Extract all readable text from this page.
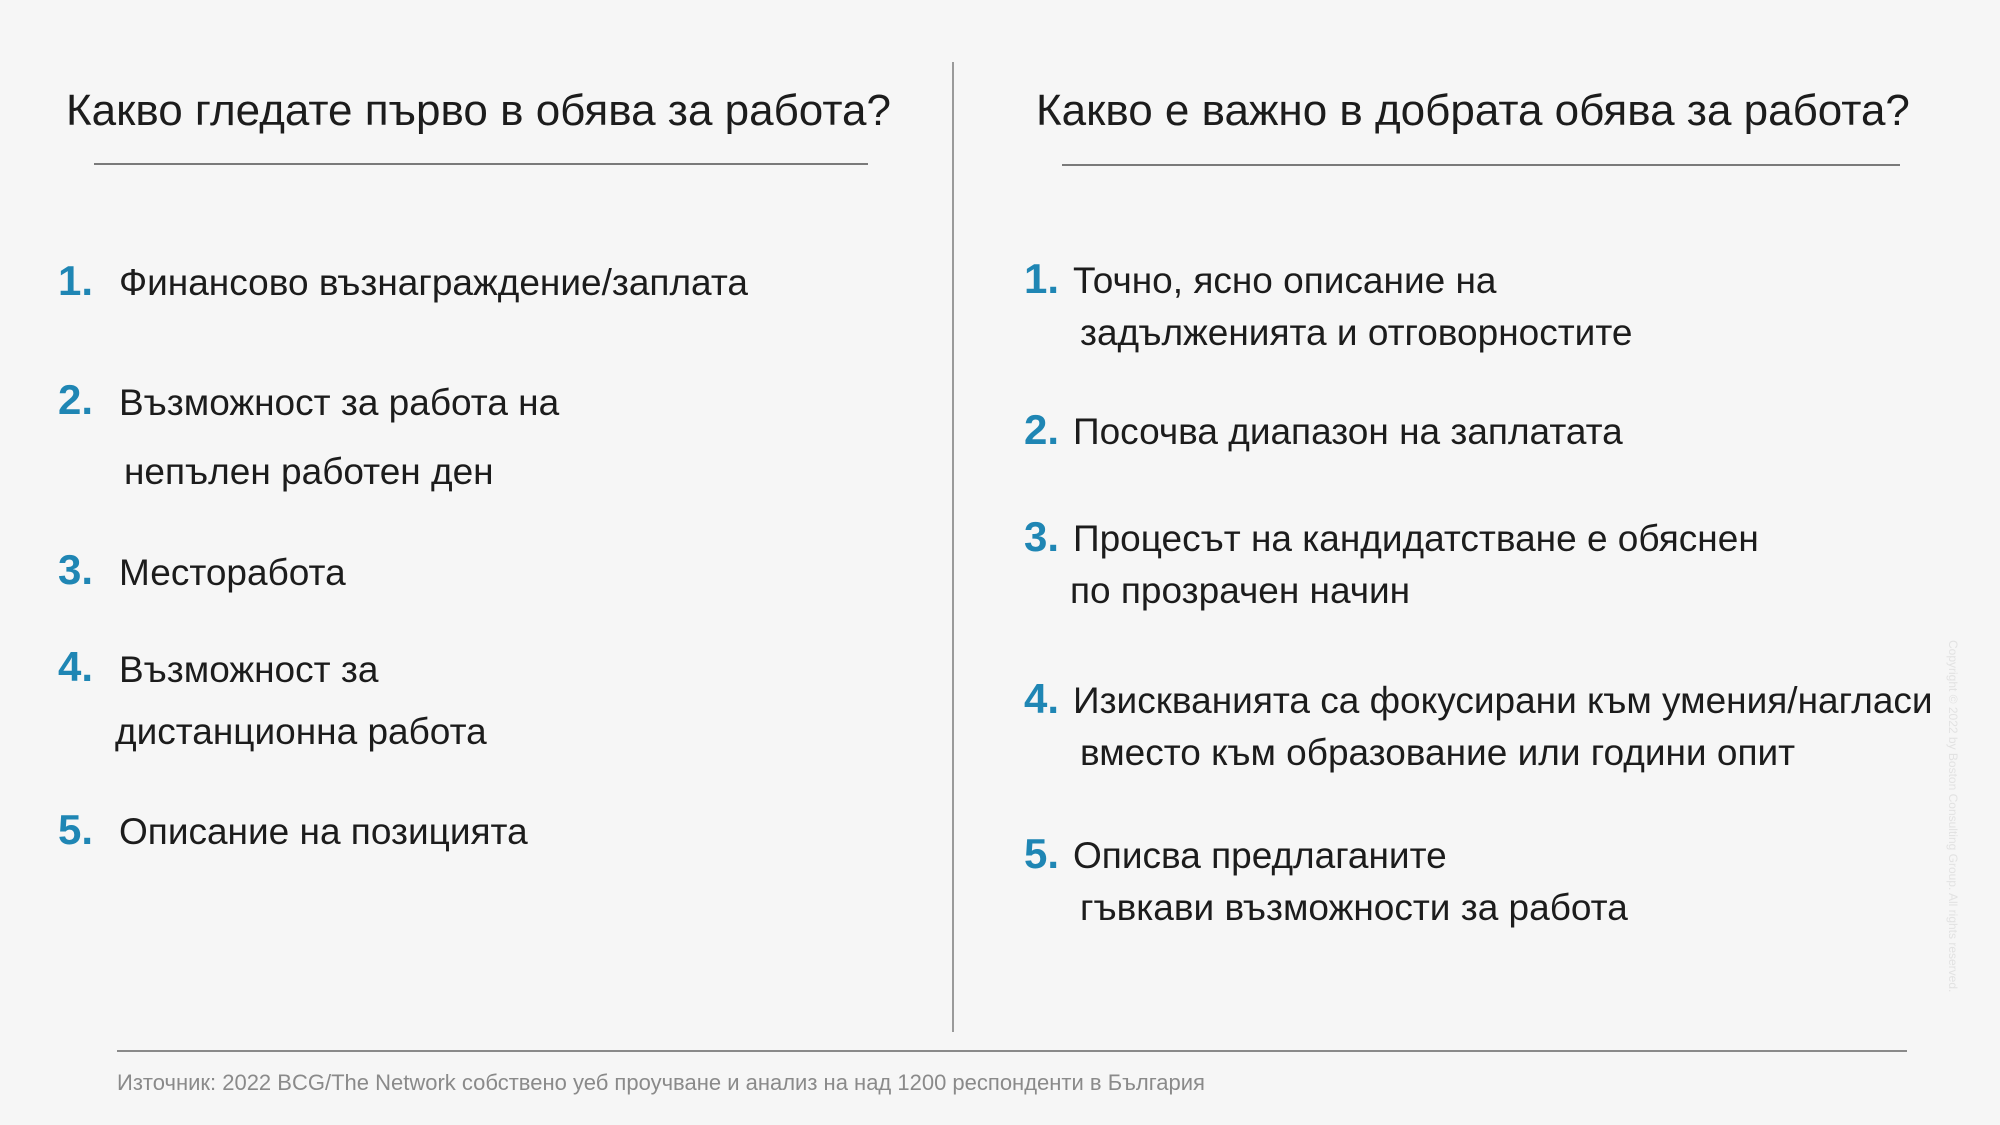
Какво гледате първо в обява за работа?
1. Финансово възнаграждение/заплата
2. Възможност за работа на
непълен работен ден
3. Месторабота
4. Възможност за
дистанционна работа
5. Описание на позицията
Какво е важно в добрата обява за работа?
1. Точно, ясно описание на
задълженията и отговорностите
2. Посочва диапазон на заплатата
3. Процесът на кандидатстване е обяснен
по прозрачен начин
4. Изискванията са фокусирани към умения/нагласи
вместо към образование или години опит
5. Описва предлаганите
гъвкави възможности за работа
Източник: 2022 BCG/The Network собствено уеб проучване и анализ на над 1200 респонденти в България
Copyright © 2022 by Boston Consulting Group. All rights reserved.
